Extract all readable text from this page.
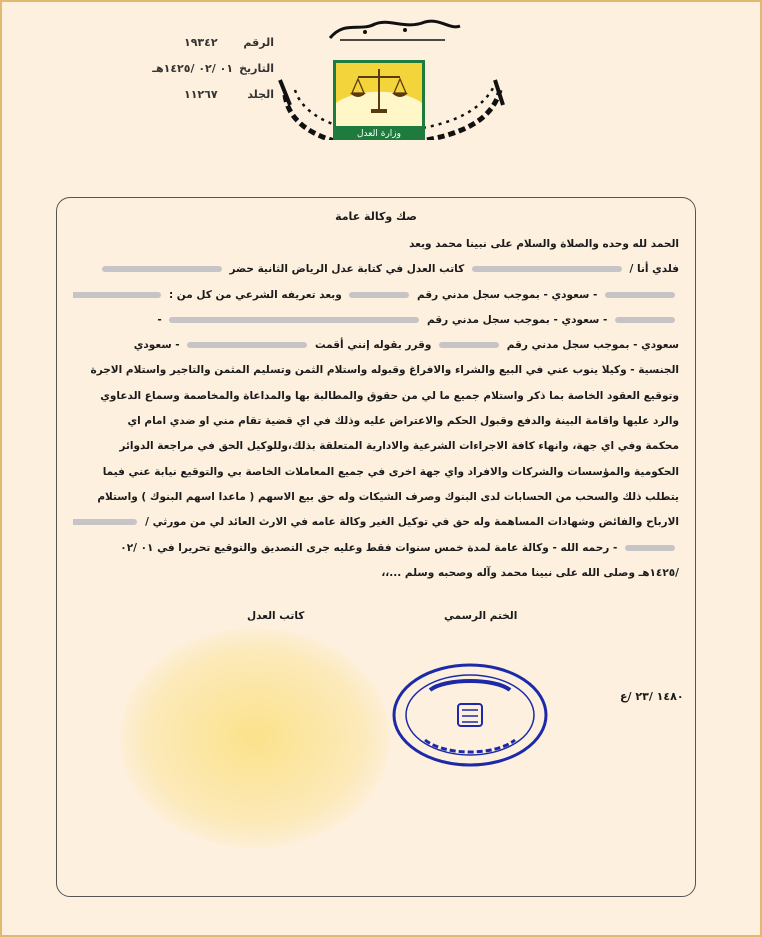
الرقم
١٩٣٤٢
التاريخ
٠١ /٠٢ /١٤٢٥هـ
الجلد
١١٢٦٧
وزارة العدل
صك وكالة عامة
الحمد لله وحده والصلاة والسلام على نبينا محمد وبعد
فلدي أنا /  كاتب العدل في كتابة عدل الرياض الثانية حضر
- سعودي - بموجب سجل مدني رقم  وبعد تعريفه الشرعي من كل من :
- سعودي - بموجب سجل مدني رقم  -
سعودي - بموجب سجل مدني رقم  وقرر بقوله إنني أقمت  - سعودي
الجنسية - وكيلا ينوب عني في البيع والشراء والافراغ وقبوله واستلام الثمن وتسليم المثمن والتاجير واستلام الاجرة
وتوقيع العقود الخاصة بما ذكر واستلام جميع ما لي من حقوق والمطالبة بها والمداعاة والمخاصمة وسماع الدعاوي
والرد عليها واقامة البينة والدفع وقبول الحكم والاعتراض عليه وذلك في اي قضية تقام مني او ضدي امام اي
محكمة وفي اي جهة، وانهاء كافة الاجراءات الشرعية والادارية المتعلقة بذلك،وللوكيل الحق في مراجعة الدوائر
الحكومية والمؤسسات والشركات والافراد واي جهة اخرى في جميع المعاملات الخاصة بي والتوقيع نيابة عني فيما
يتطلب ذلك والسحب من الحسابات لدى البنوك وصرف الشيكات وله حق بيع الاسهم ( ماعدا اسهم البنوك ) واستلام
الارباح والفائض وشهادات المساهمة وله حق في توكيل الغير وكالة عامه في الارث العائد لي من مورثي /
- رحمه الله - وكالة عامة لمدة خمس سنوات فقط وعليه جرى التصديق والتوقيع تحريرا في ٠١ /٠٢
/١٤٢٥هـ وصلى الله على نبينا محمد وآله وصحبه وسلم ...،،
الختم الرسمي
كاتب العدل
١٤٨٠ /٢٣ /ع
